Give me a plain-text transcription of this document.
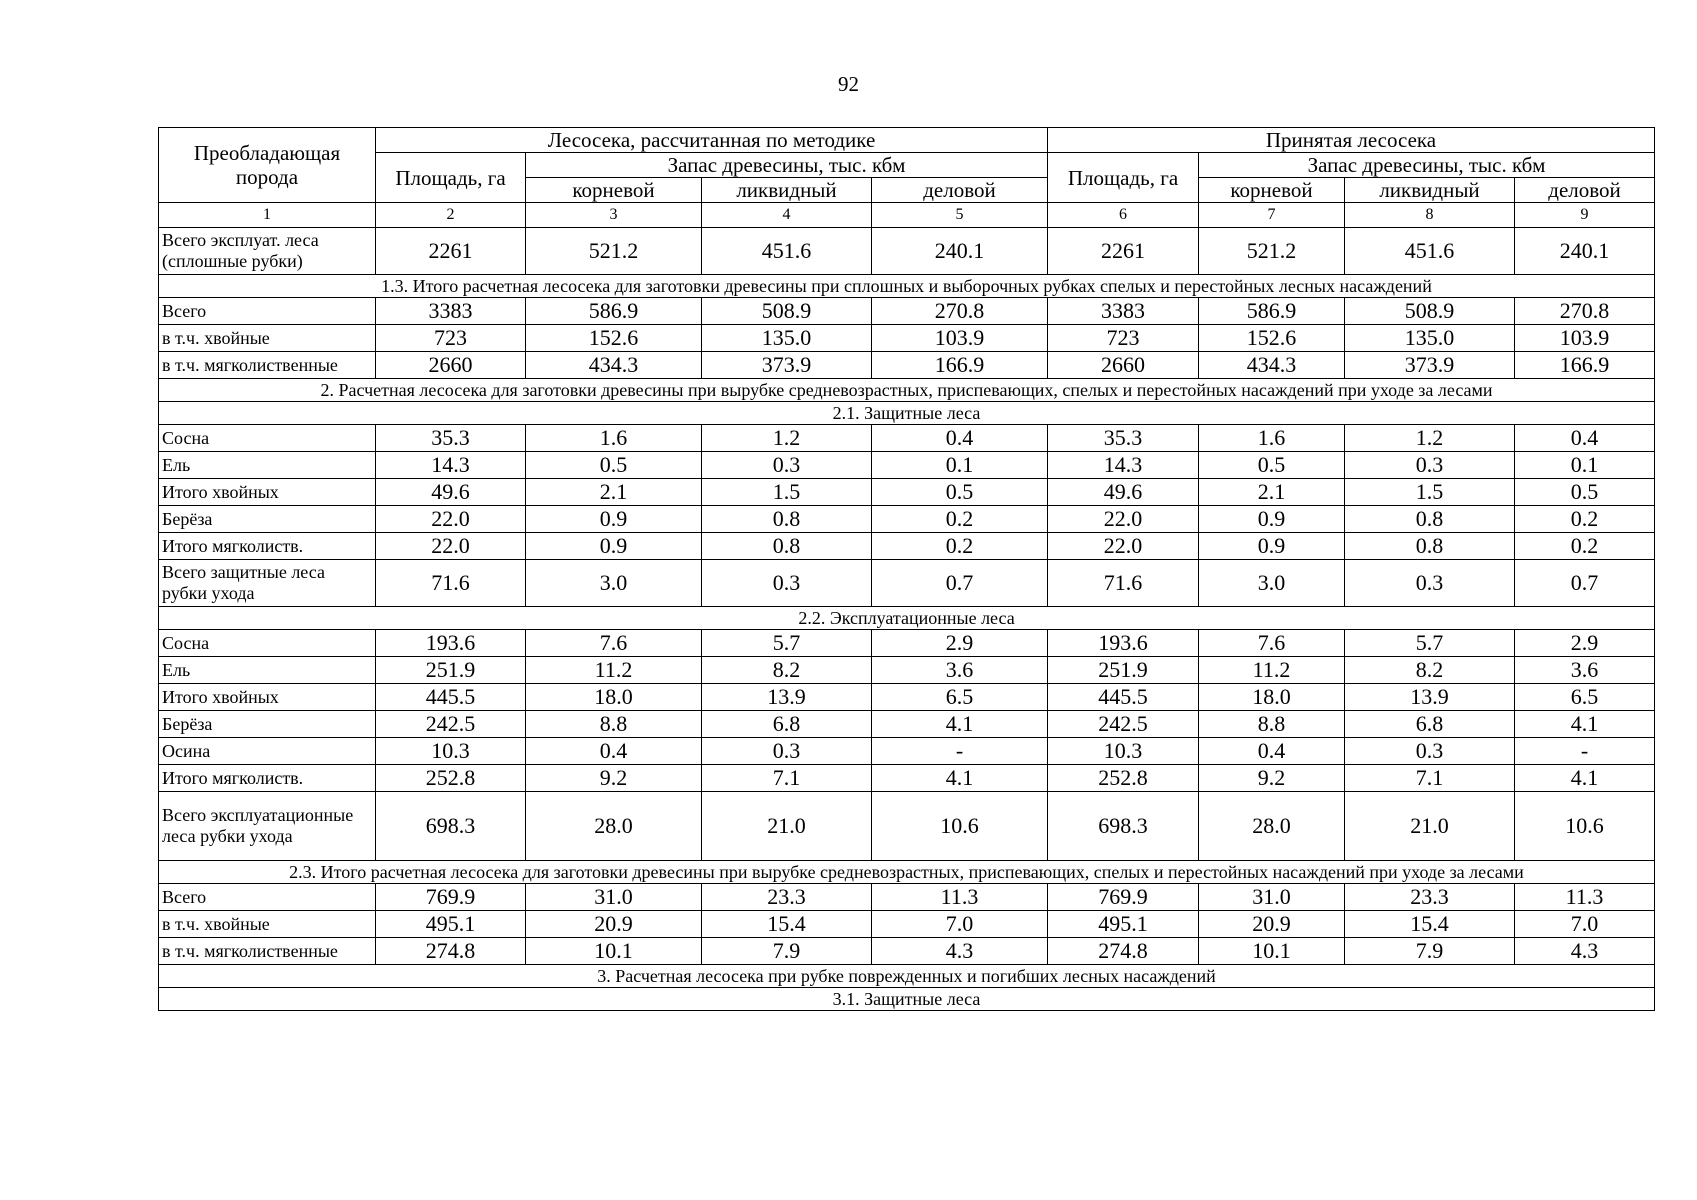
92
Преобладающая порода	Лесосека, рассчитанная по методике				Принятая лесосека			
	Площадь, га	Запас древесины, тыс. кбм			Площадь, га	Запас древесины, тыс. кбм		
		корневой	ликвидный	деловой		корневой	ликвидный	деловой
1	2	3	4	5	6	7	8	9
Всего эксплуат. леса (сплошные рубки)	2261	521.2	451.6	240.1	2261	521.2	451.6	240.1
1.3. Итого расчетная лесосека для заготовки древесины при сплошных и выборочных рубках спелых и перестойных лесных насаждений								
Всего	3383	586.9	508.9	270.8	3383	586.9	508.9	270.8
в т.ч. хвойные	723	152.6	135.0	103.9	723	152.6	135.0	103.9
в т.ч. мягколиственные	2660	434.3	373.9	166.9	2660	434.3	373.9	166.9
2. Расчетная лесосека для заготовки древесины при вырубке средневозрастных, приспевающих, спелых и перестойных насаждений при уходе за лесами								
2.1. Защитные леса								
Сосна	35.3	1.6	1.2	0.4	35.3	1.6	1.2	0.4
Ель	14.3	0.5	0.3	0.1	14.3	0.5	0.3	0.1
Итого хвойных	49.6	2.1	1.5	0.5	49.6	2.1	1.5	0.5
Берёза	22.0	0.9	0.8	0.2	22.0	0.9	0.8	0.2
Итого мягколиств.	22.0	0.9	0.8	0.2	22.0	0.9	0.8	0.2
Всего защитные леса рубки ухода	71.6	3.0	0.3	0.7	71.6	3.0	0.3	0.7
2.2. Эксплуатационные леса								
Сосна	193.6	7.6	5.7	2.9	193.6	7.6	5.7	2.9
Ель	251.9	11.2	8.2	3.6	251.9	11.2	8.2	3.6
Итого хвойных	445.5	18.0	13.9	6.5	445.5	18.0	13.9	6.5
Берёза	242.5	8.8	6.8	4.1	242.5	8.8	6.8	4.1
Осина	10.3	0.4	0.3	-	10.3	0.4	0.3	-
Итого мягколиств.	252.8	9.2	7.1	4.1	252.8	9.2	7.1	4.1
Всего эксплуатационные леса рубки ухода	698.3	28.0	21.0	10.6	698.3	28.0	21.0	10.6
2.3. Итого расчетная лесосека для заготовки древесины при вырубке средневозрастных, приспевающих, спелых и перестойных насаждений при уходе за лесами								
Всего	769.9	31.0	23.3	11.3	769.9	31.0	23.3	11.3
в т.ч. хвойные	495.1	20.9	15.4	7.0	495.1	20.9	15.4	7.0
в т.ч. мягколиственные	274.8	10.1	7.9	4.3	274.8	10.1	7.9	4.3
3. Расчетная лесосека при рубке поврежденных и погибших лесных насаждений								
3.1. Защитные леса								
